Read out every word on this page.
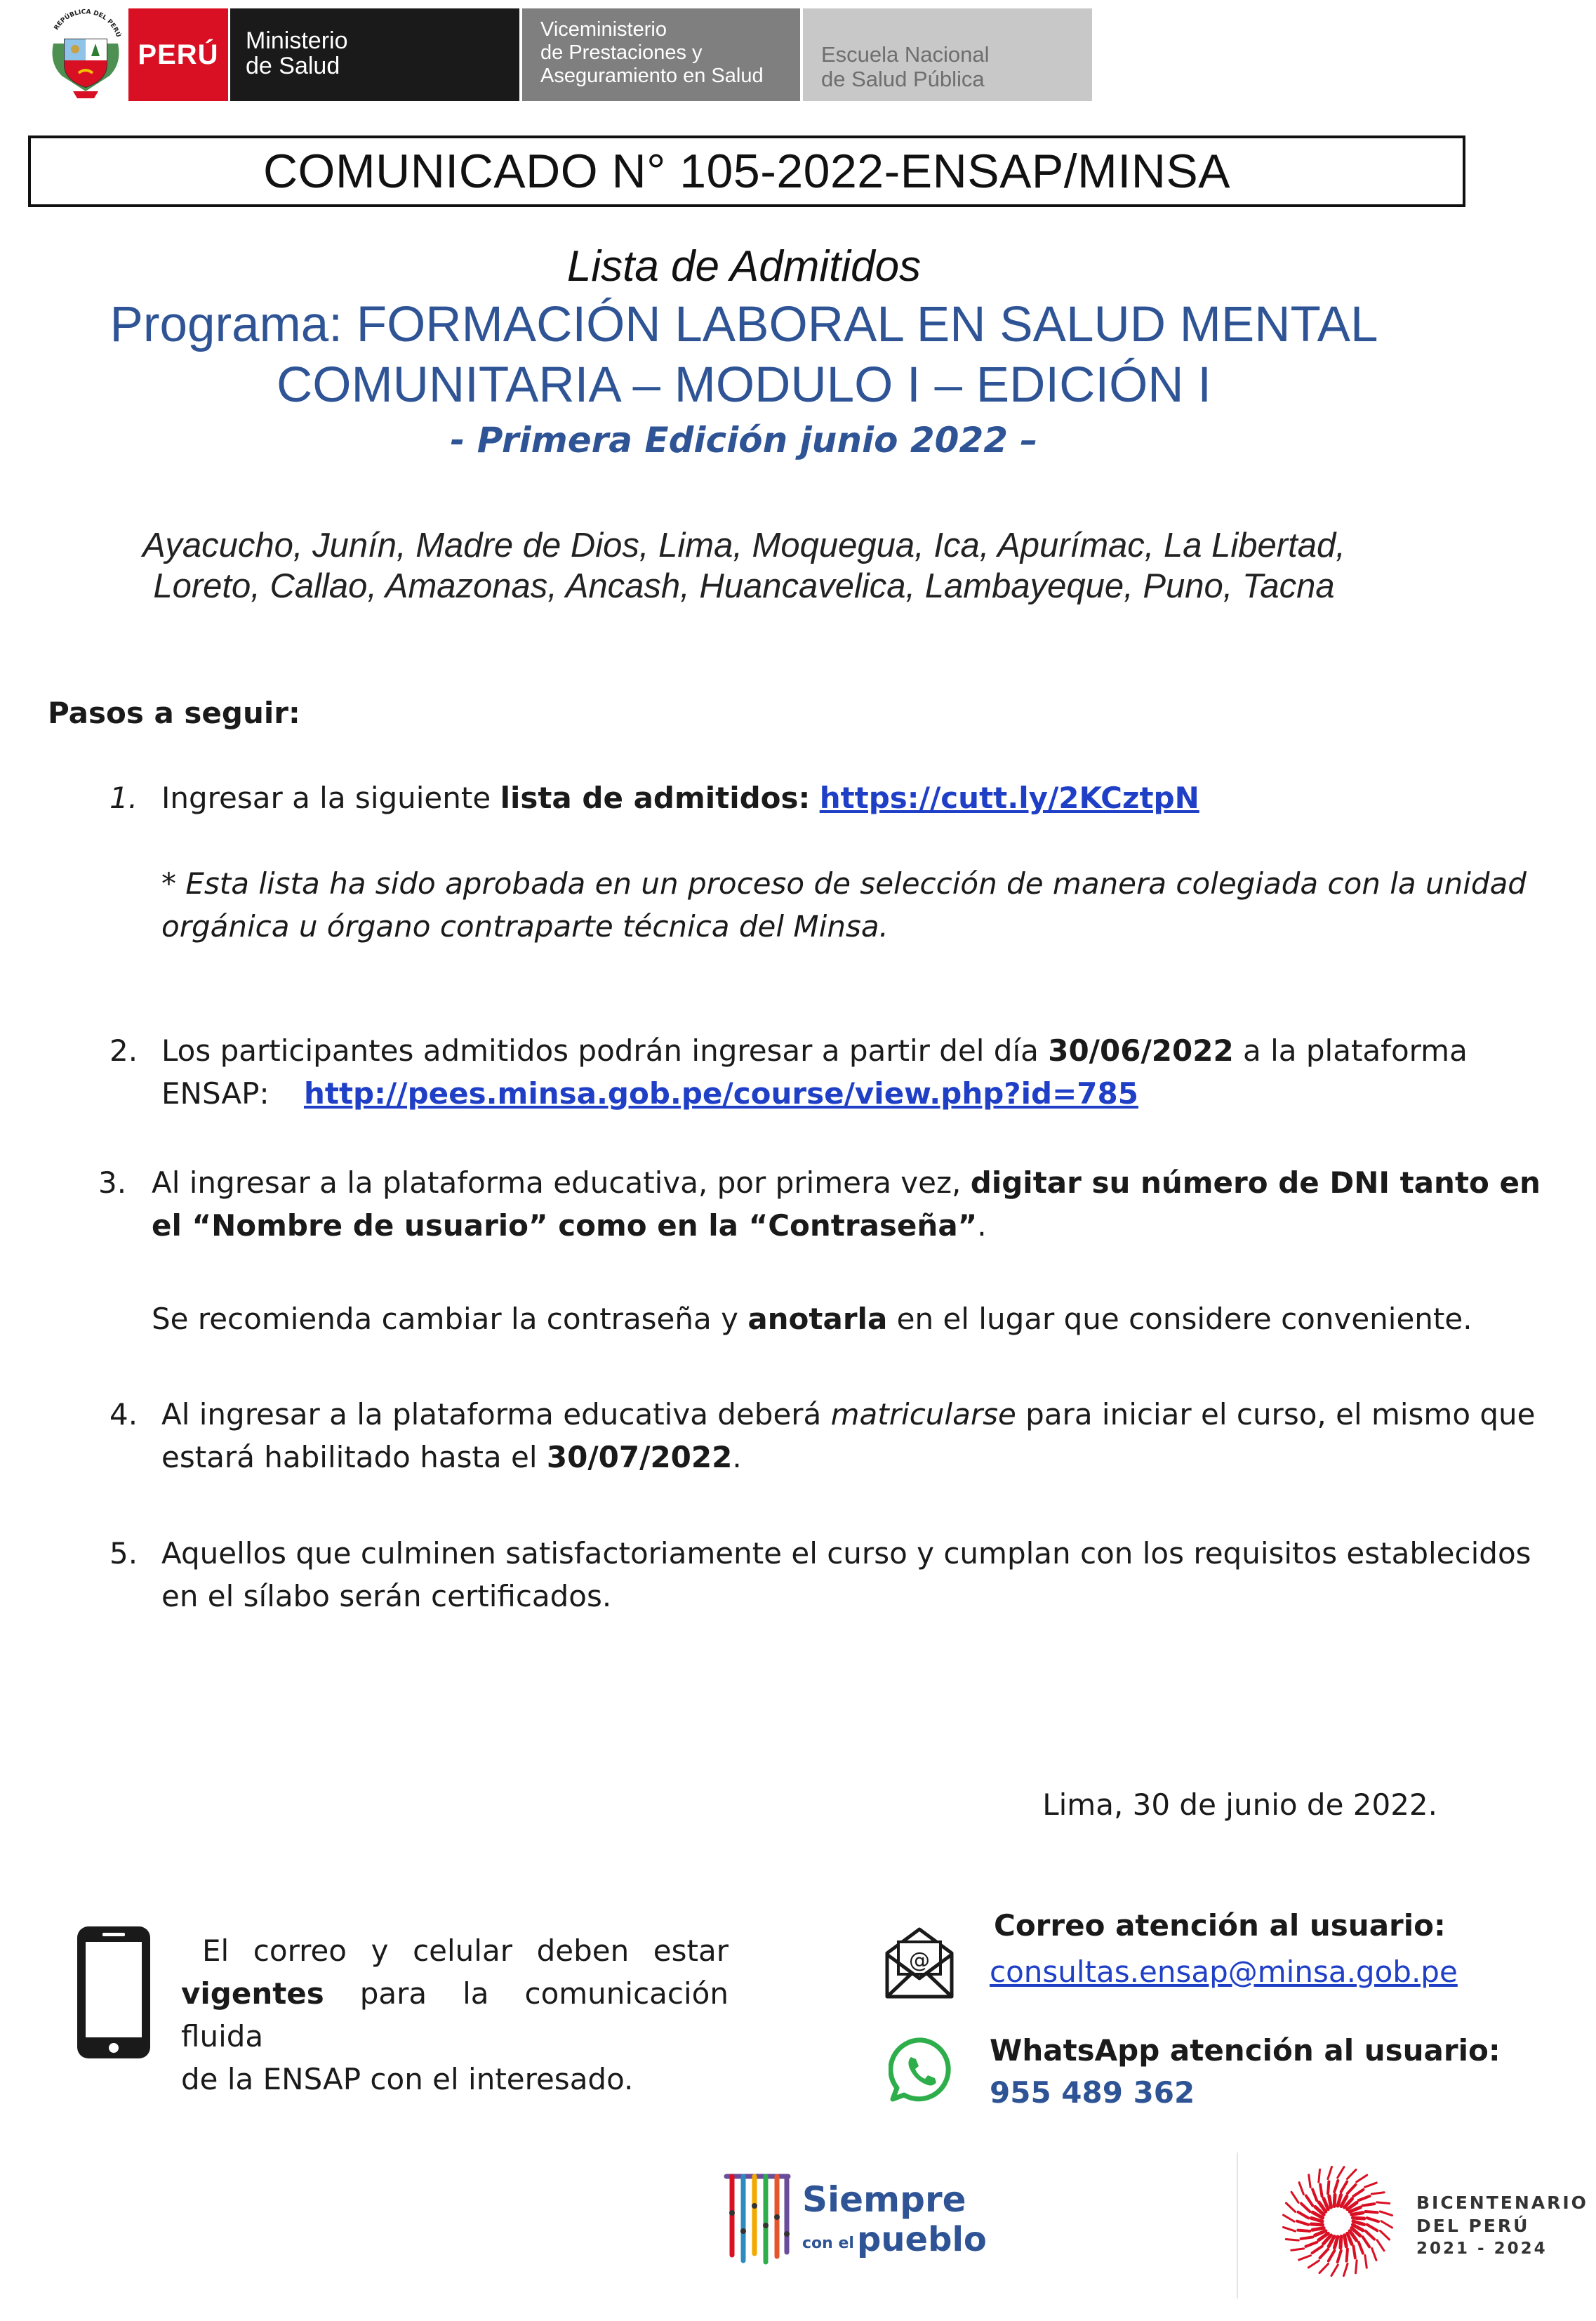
REPÚBLICA DEL PERÚ
PERÚ Ministerio
de Salud
Viceministerio
de Prestaciones y
Aseguramiento en Salud
Escuela Nacional
de Salud Pública
COMUNICADO N° 105-2022-ENSAP/MINSA
Lista de Admitidos
Programa: FORMACIÓN LABORAL EN SALUD MENTAL
COMUNITARIA – MODULO I – EDICIÓN I
- Primera Edición junio 2022 –
Ayacucho, Junín, Madre de Dios, Lima, Moquegua, Ica, Apurímac, La Libertad,
Loreto, Callao, Amazonas, Ancash, Huancavelica, Lambayeque, Puno, Tacna
Pasos a seguir:
1. Ingresar a la siguiente lista de admitidos: https://cutt.ly/2KCztpN
* Esta lista ha sido aprobada en un proceso de selección de manera colegiada con la unidad
orgánica u órgano contraparte técnica del Minsa.
2. Los participantes admitidos podrán ingresar a partir del día 30/06/2022 a la plataforma
ENSAP: http://pees.minsa.gob.pe/course/view.php?id=785
3. Al ingresar a la plataforma educativa, por primera vez, digitar su número de DNI tanto en
el “Nombre de usuario” como en la “Contraseña”.
Se recomienda cambiar la contraseña y anotarla en el lugar que considere conveniente.
4. Al ingresar a la plataforma educativa deberá matricularse para iniciar el curso, el mismo que
estará habilitado hasta el 30/07/2022.
5. Aquellos que culminen satisfactoriamente el curso y cumplan con los requisitos establecidos
en el sílabo serán certificados.
Lima, 30 de junio de 2022.
El correo y celular deben estar
vigentes para la comunicación fluida
de la ENSAP con el interesado.
@
Correo atención al usuario:
consultas.ensap@minsa.gob.pe
WhatsApp atención al usuario:
955 489 362
Siempre
con el pueblo
BICENTENARIO
DEL PERÚ
2021 - 2024
